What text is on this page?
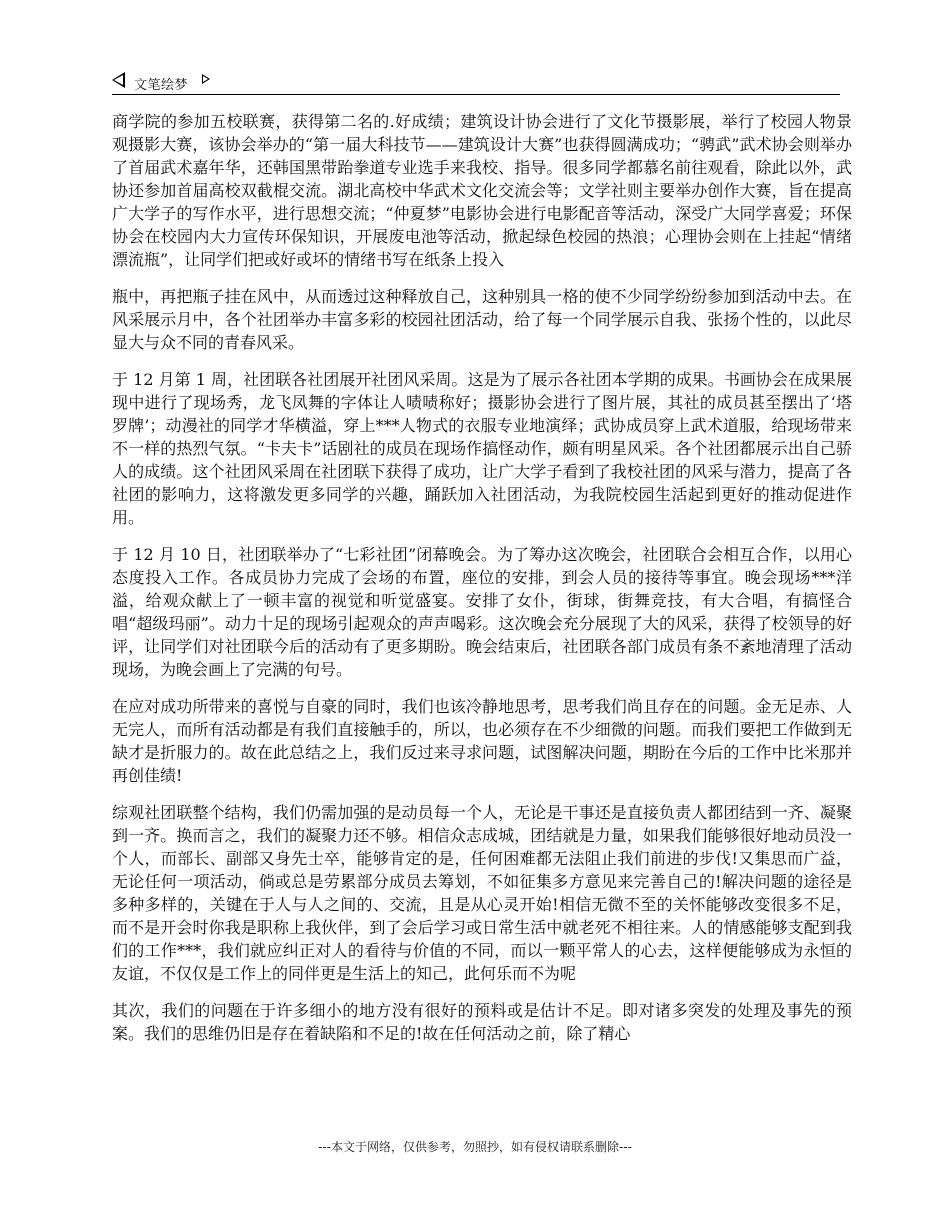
文笔绘梦

商学院的参加五校联赛，获得第二名的.好成绩；建筑设计协会进行了文化节摄影展，举行了校园人物景观摄影大赛，该协会举办的“第一届大科技节——建筑设计大赛”也获得圆满成功；“骋武”武术协会则举办了首届武术嘉年华，还韩国黑带跆拳道专业选手来我校、指导。很多同学都慕名前往观看，除此以外，武协还参加首届高校双截棍交流。湖北高校中华武术文化交流会等；文学社则主要举办创作大赛，旨在提高广大学子的写作水平，进行思想交流；“仲夏梦”电影协会进行电影配音等活动，深受广大同学喜爱；环保协会在校园内大力宣传环保知识，开展废电池等活动，掀起绿色校园的热浪；心理协会则在上挂起“情绪漂流瓶”，让同学们把或好或坏的情绪书写在纸条上投入

瓶中，再把瓶子挂在风中，从而透过这种释放自己，这种别具一格的使不少同学纷纷参加到活动中去。在风采展示月中，各个社团举办丰富多彩的校园社团活动，给了每一个同学展示自我、张扬个性的，以此尽显大与众不同的青春风采。

于 12 月第 1 周，社团联各社团展开社团风采周。这是为了展示各社团本学期的成果。书画协会在成果展现中进行了现场秀，龙飞凤舞的字体让人啧啧称好；摄影协会进行了图片展，其社的成员甚至摆出了‘塔罗牌’；动漫社的同学才华横溢，穿上***人物式的衣服专业地演绎；武协成员穿上武术道服，给现场带来不一样的热烈气氛。“卡夫卡”话剧社的成员在现场作搞怪动作，颇有明星风采。各个社团都展示出自己骄人的成绩。这个社团风采周在社团联下获得了成功，让广大学子看到了我校社团的风采与潜力，提高了各社团的影响力，这将激发更多同学的兴趣，踊跃加入社团活动，为我院校园生活起到更好的推动促进作用。

于 12 月 10 日，社团联举办了“七彩社团”闭幕晚会。为了筹办这次晚会，社团联合会相互合作，以用心态度投入工作。各成员协力完成了会场的布置，座位的安排，到会人员的接待等事宜。晚会现场***洋溢，给观众献上了一顿丰富的视觉和听觉盛宴。安排了女仆，街球，街舞竞技，有大合唱，有搞怪合唱“超级玛丽”。动力十足的现场引起观众的声声喝彩。这次晚会充分展现了大的风采，获得了校领导的好评，让同学们对社团联今后的活动有了更多期盼。晚会结束后，社团联各部门成员有条不紊地清理了活动现场，为晚会画上了完满的句号。

在应对成功所带来的喜悦与自豪的同时，我们也该冷静地思考，思考我们尚且存在的问题。金无足赤、人无完人，而所有活动都是有我们直接触手的，所以，也必须存在不少细微的问题。而我们要把工作做到无缺才是折服力的。故在此总结之上，我们反过来寻求问题，试图解决问题，期盼在今后的工作中比米那并再创佳绩!

综观社团联整个结构，我们仍需加强的是动员每一个人，无论是干事还是直接负责人都团结到一齐、凝聚到一齐。换而言之，我们的凝聚力还不够。相信众志成城，团结就是力量，如果我们能够很好地动员没一个人，而部长、副部又身先士卒，能够肯定的是，任何困难都无法阻止我们前进的步伐!又集思而广益，无论任何一项活动，倘或总是劳累部分成员去筹划，不如征集多方意见来完善自己的!解决问题的途径是多种多样的，关键在于人与人之间的、交流，且是从心灵开始!相信无微不至的关怀能够改变很多不足，而不是开会时你我是职称上我伙伴，到了会后学习或日常生活中就老死不相往来。人的情感能够支配到我们的工作***，我们就应纠正对人的看待与价值的不同，而以一颗平常人的心去，这样便能够成为永恒的友谊，不仅仅是工作上的同伴更是生活上的知己，此何乐而不为呢

其次，我们的问题在于许多细小的地方没有很好的预料或是估计不足。即对诸多突发的处理及事先的预案。我们的思维仍旧是存在着缺陷和不足的!故在任何活动之前，除了精心

---本文于网络，仅供参考，勿照抄，如有侵权请联系删除---
